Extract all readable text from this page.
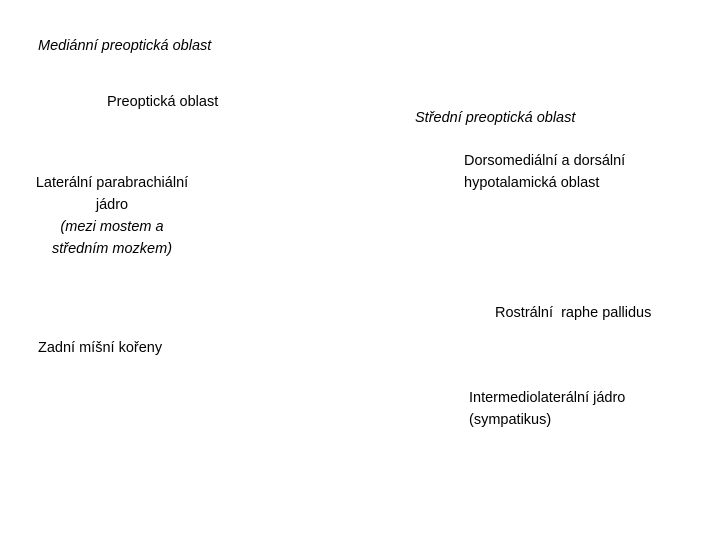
Mediánní preoptická oblast
Preoptická oblast
Střední preoptická oblast
Dorsomediální a dorsální
hypotalamická oblast
Laterální parabrachiální
jádro
(mezi mostem a
středním mozkem)
Rostrální  raphe pallidus
Zadní míšní kořeny
Intermediolaterální jádro
(sympatikus)
